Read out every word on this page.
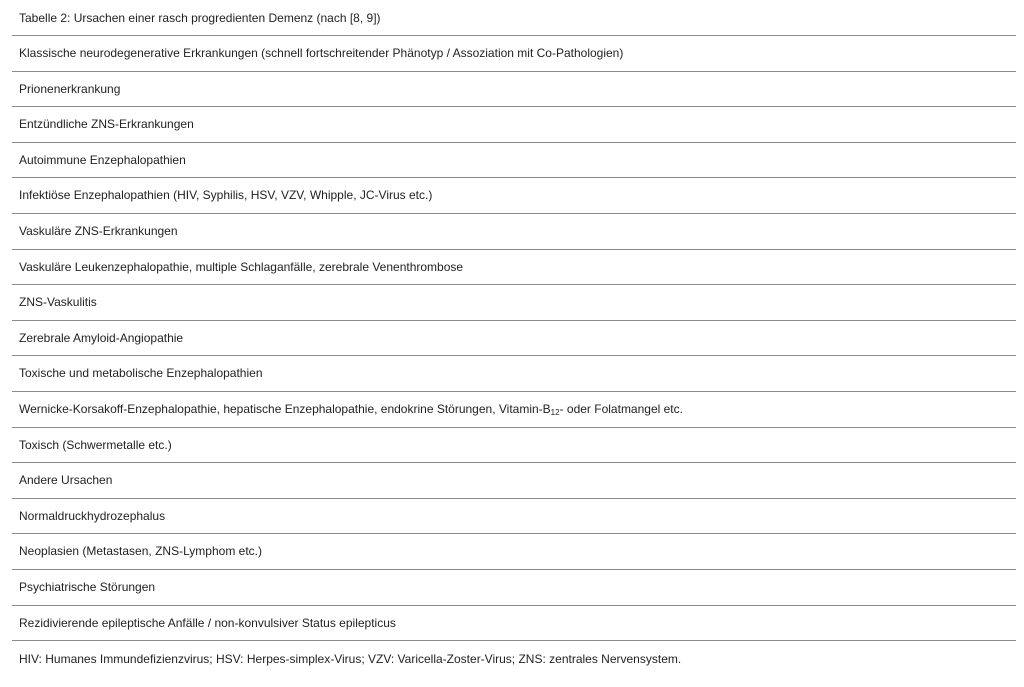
Tabelle 2: Ursachen einer rasch progredienten Demenz (nach [8, 9])
Klassische neurodegenerative Erkrankungen (schnell fortschreitender Phänotyp / Assoziation mit Co-Pathologien)
Prionenerkrankung
Entzündliche ZNS-Erkrankungen
Autoimmune Enzephalopathien
Infektiöse Enzephalopathien (HIV, Syphilis, HSV, VZV, Whipple, JC-Virus etc.)
Vaskuläre ZNS-Erkrankungen
Vaskuläre Leukenzephalopathie, multiple Schlaganfälle, zerebrale Venenthrombose
ZNS-Vaskulitis
Zerebrale Amyloid-Angiopathie
Toxische und metabolische Enzephalopathien
Wernicke-Korsakoff-Enzephalopathie, hepatische Enzephalopathie, endokrine Störungen, Vitamin-$B_{12}-$ oder Folatmangel etc.
Toxisch (Schwermetalle etc.)
Andere Ursachen
Normaldruckhydrozephalus
Neoplasien (Metastasen, ZNS-Lymphom etc.)
Psychiatrische Störungen
Rezidivierende epileptische Anfälle / non-konvulsiver Status epilepticus
HIV: Humanes Immundefizienzvirus; HSV: Herpes-simplex-Virus; VZV: Varicella-Zoster-Virus; ZNS: zentrales Nervensystem.
